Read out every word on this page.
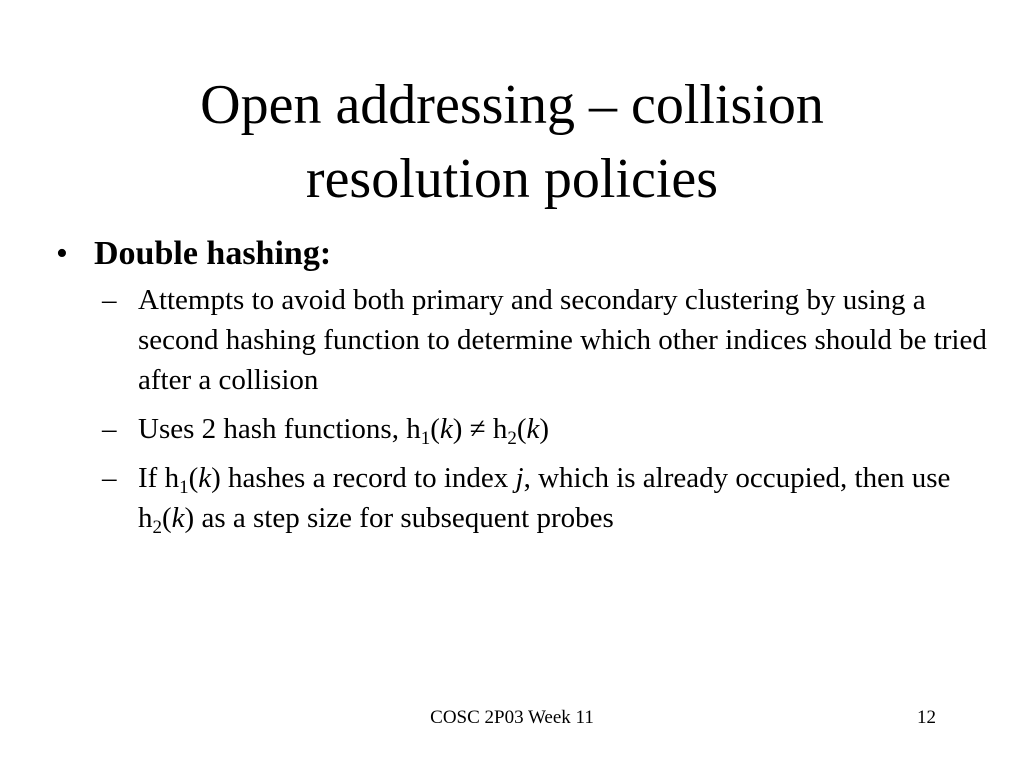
Open addressing – collision
resolution policies
• Double hashing:
– Attempts to avoid both primary and secondary clustering by using a second hashing function to determine which other indices should be tried after a collision
– Uses 2 hash functions, $h_1(k) \ne h_2(k)$
– If $h_1(k)$ hashes a record to index j, which is already occupied, then use $h_2(k)$ as a step size for subsequent probes
COSC 2P03 Week 11	12
